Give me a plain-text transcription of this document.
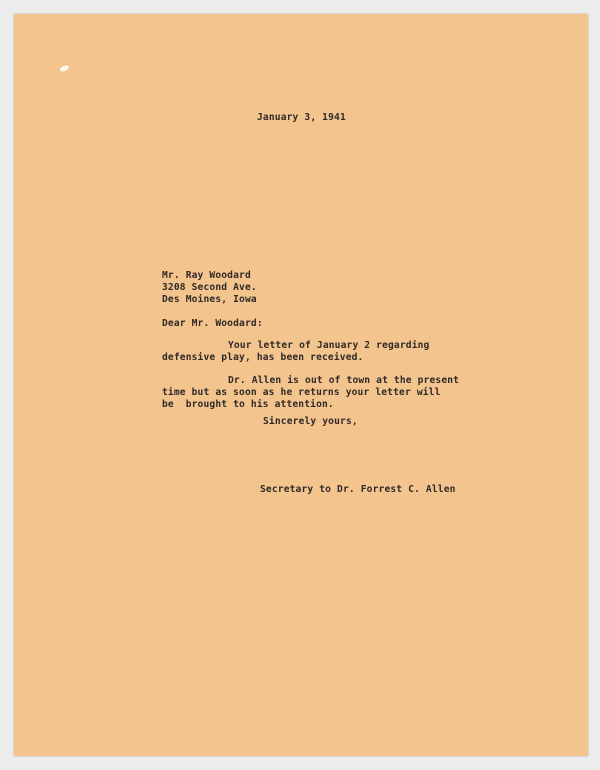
January 3, 1941
Mr. Ray Woodard
3208 Second Ave.
Des Moines, Iowa
Dear Mr. Woodard:
Your letter of January 2 regarding
defensive play, has been received.
Dr. Allen is out of town at the present
time but as soon as he returns your letter will
be  brought to his attention.
Sincerely yours,
Secretary to Dr. Forrest C. Allen
